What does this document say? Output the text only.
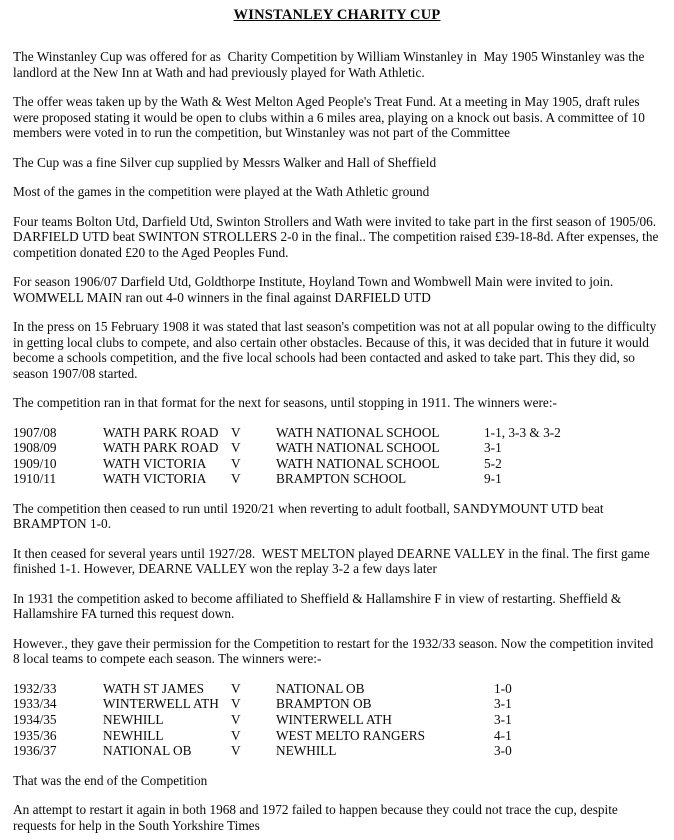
WINSTANLEY CHARITY CUP

The Winstanley Cup was offered for as  Charity Competition by William Winstanley in  May 1905 Winstanley was the landlord at the New Inn at Wath and had previously played for Wath Athletic.

The offer weas taken up by the Wath & West Melton Aged People's Treat Fund. At a meeting in May 1905, draft rules were proposed stating it would be open to clubs within a 6 miles area, playing on a knock out basis. A committee of 10 members were voted in to run the competition, but Winstanley was not part of the Committee

The Cup was a fine Silver cup supplied by Messrs Walker and Hall of Sheffield

Most of the games in the competition were played at the Wath Athletic ground

Four teams Bolton Utd, Darfield Utd, Swinton Strollers and Wath were invited to take part in the first season of 1905/06. DARFIELD UTD beat SWINTON STROLLERS 2-0 in the final.. The competition raised £39-18-8d. After expenses, the competition donated £20 to the Aged Peoples Fund.

For season 1906/07 Darfield Utd, Goldthorpe Institute, Hoyland Town and Wombwell Main were invited to join. WOMWELL MAIN ran out 4-0 winners in the final against DARFIELD UTD

In the press on 15 February 1908 it was stated that last season's competition was not at all popular owing to the difficulty in getting local clubs to compete, and also certain other obstacles. Because of this, it was decided that in future it would become a schools competition, and the five local schools had been contacted and asked to take part. This they did, so season 1907/08 started.

The competition ran in that format for the next for seasons, until stopping in 1911. The winners were:-

1907/08	WATH PARK ROAD V	WATH NATIONAL SCHOOL	1-1, 3-3 & 3-2
1908/09	WATH PARK ROAD V	WATH NATIONAL SCHOOL	3-1
1909/10	WATH VICTORIA	V	WATH NATIONAL SCHOOL	5-2
1910/11	WATH VICTORIA	V	BRAMPTON SCHOOL	9-1

The competition then ceased to run until 1920/21 when reverting to adult football, SANDYMOUNT UTD beat BRAMPTON 1-0.

It then ceased for several years until 1927/28.  WEST MELTON played DEARNE VALLEY in the final. The first game finished 1-1. However, DEARNE VALLEY won the replay 3-2 a few days later

In 1931 the competition asked to become affiliated to Sheffield & Hallamshire F in view of restarting. Sheffield & Hallamshire FA turned this request down.

However., they gave their permission for the Competition to restart for the 1932/33 season. Now the competition invited 8 local teams to compete each season. The winners were:-

1932/33	WATH ST JAMES	V	NATIONAL OB	1-0
1933/34	WINTERWELL ATH V	BRAMPTON OB	3-1
1934/35	NEWHILL	V	WINTERWELL ATH	3-1
1935/36	NEWHILL	V	WEST MELTO RANGERS	4-1
1936/37	NATIONAL OB	V	NEWHILL	3-0

That was the end of the Competition

An attempt to restart it again in both 1968 and 1972 failed to happen because they could not trace the cup, despite requests for help in the South Yorkshire Times
